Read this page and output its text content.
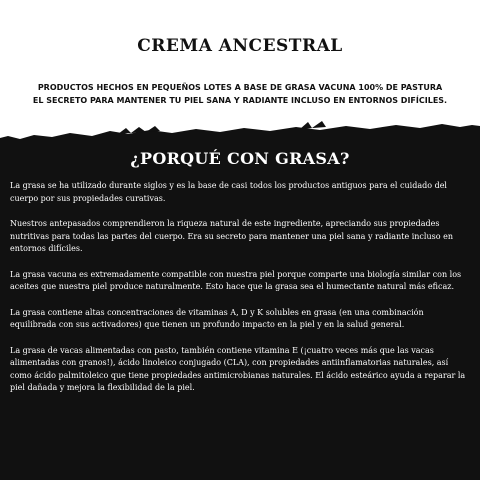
CREMA ANCESTRAL
PRODUCTOS HECHOS EN PEQUEÑOS LOTES A BASE DE GRASA VACUNA 100% DE PASTURA
EL SECRETO PARA MANTENER TU PIEL SANA Y RADIANTE INCLUSO EN ENTORNOS DIFÍCILES.
¿PORQUÉ CON GRASA?

La grasa se ha utilizado durante siglos y es la base de casi todos los productos antiguos para el cuidado del cuerpo por sus propiedades curativas.

Nuestros antepasados comprendieron la riqueza natural de este ingrediente, apreciando sus propiedades nutritivas para todas las partes del cuerpo. Era su secreto para mantener una piel sana y radiante incluso en entornos difíciles.

La grasa vacuna es extremadamente compatible con nuestra piel porque comparte una biología similar con los aceites que nuestra piel produce naturalmente. Esto hace que la grasa sea el humectante natural más eficaz.

La grasa contiene altas concentraciones de vitaminas A, D y K solubles en grasa (en una combinación equilibrada con sus activadores) que tienen un profundo impacto en la piel y en la salud general.

La grasa de vacas alimentadas con pasto, también contiene vitamina E (¡cuatro veces más que las vacas alimentadas con granos!), ácido linoleico conjugado (CLA), con propiedades antiinflamatorias naturales, así como ácido palmitoleico que tiene propiedades antimicrobianas naturales. El ácido esteárico ayuda a reparar la piel dañada y mejora la flexibilidad de la piel.
